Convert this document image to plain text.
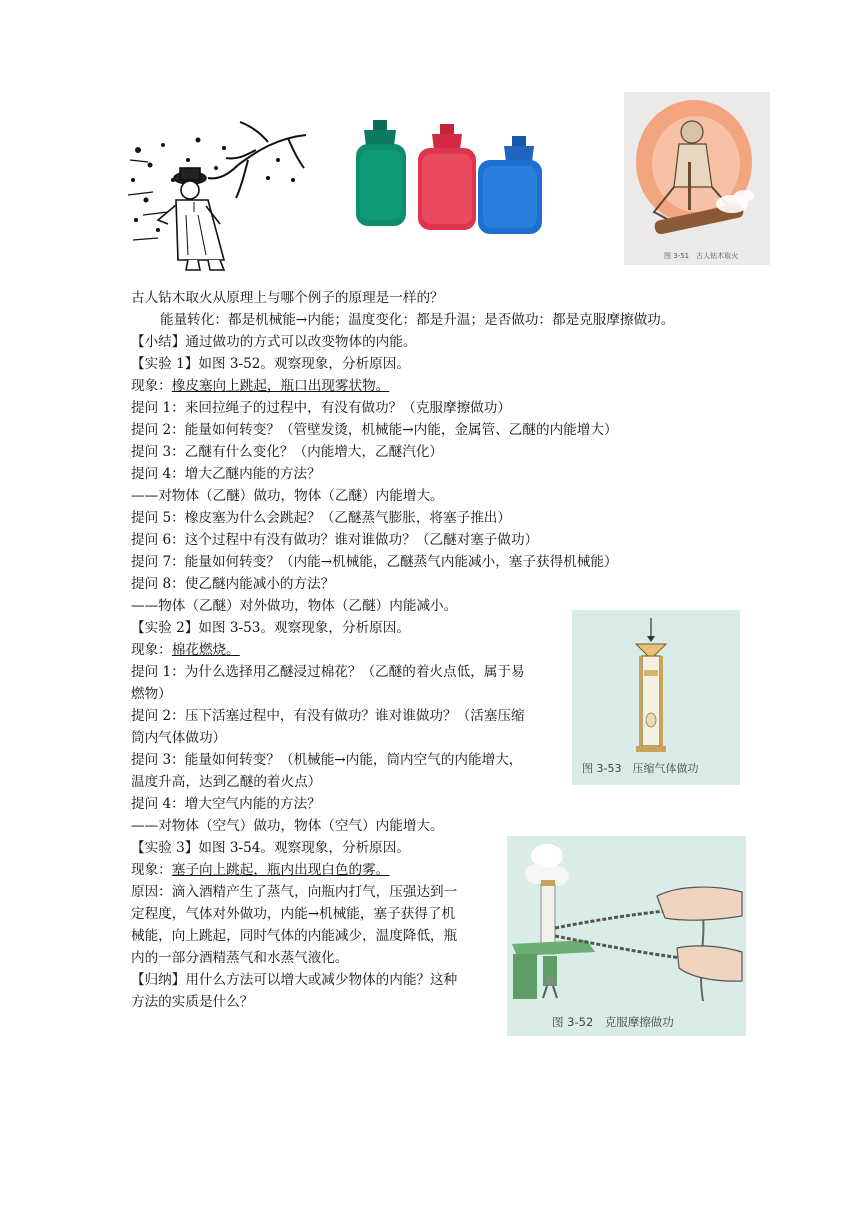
图 3-51　古人钻木取火
古人钻木取火从原理上与哪个例子的原理是一样的？
能量转化：都是机械能→内能；温度变化：都是升温；是否做功：都是克服摩擦做功。
【小结】通过做功的方式可以改变物体的内能。
【实验 1】如图 3-52。观察现象，分析原因。
现象：橡皮塞向上跳起，瓶口出现雾状物。
提问 1：来回拉绳子的过程中，有没有做功？（克服摩擦做功）
提问 2：能量如何转变？（管壁发烫，机械能→内能，金属管、乙醚的内能增大）
提问 3：乙醚有什么变化？（内能增大，乙醚汽化）
提问 4：增大乙醚内能的方法？
——对物体（乙醚）做功，物体（乙醚）内能增大。
提问 5：橡皮塞为什么会跳起？（乙醚蒸气膨胀，将塞子推出）
提问 6：这个过程中有没有做功？谁对谁做功？（乙醚对塞子做功）
提问 7：能量如何转变？（内能→机械能，乙醚蒸气内能减小，塞子获得机械能）
提问 8：使乙醚内能减小的方法？
——物体（乙醚）对外做功，物体（乙醚）内能减小。
【实验 2】如图 3-53。观察现象，分析原因。
现象：棉花燃烧。
提问 1：为什么选择用乙醚浸过棉花？（乙醚的着火点低，属于易
燃物）
提问 2：压下活塞过程中，有没有做功？谁对谁做功？（活塞压缩
筒内气体做功）
提问 3：能量如何转变？（机械能→内能，筒内空气的内能增大，
温度升高，达到乙醚的着火点）
提问 4：增大空气内能的方法？
——对物体（空气）做功，物体（空气）内能增大。
【实验 3】如图 3-54。观察现象，分析原因。
现象：塞子向上跳起，瓶内出现白色的雾。
原因：滴入酒精产生了蒸气，向瓶内打气，压强达到一
定程度，气体对外做功，内能→机械能，塞子获得了机
械能，向上跳起，同时气体的内能减少，温度降低，瓶
内的一部分酒精蒸气和水蒸气液化。
【归纳】用什么方法可以增大或减少物体的内能？这种
方法的实质是什么？
图 3-53　压缩气体做功
图 3-52　克服摩擦做功
